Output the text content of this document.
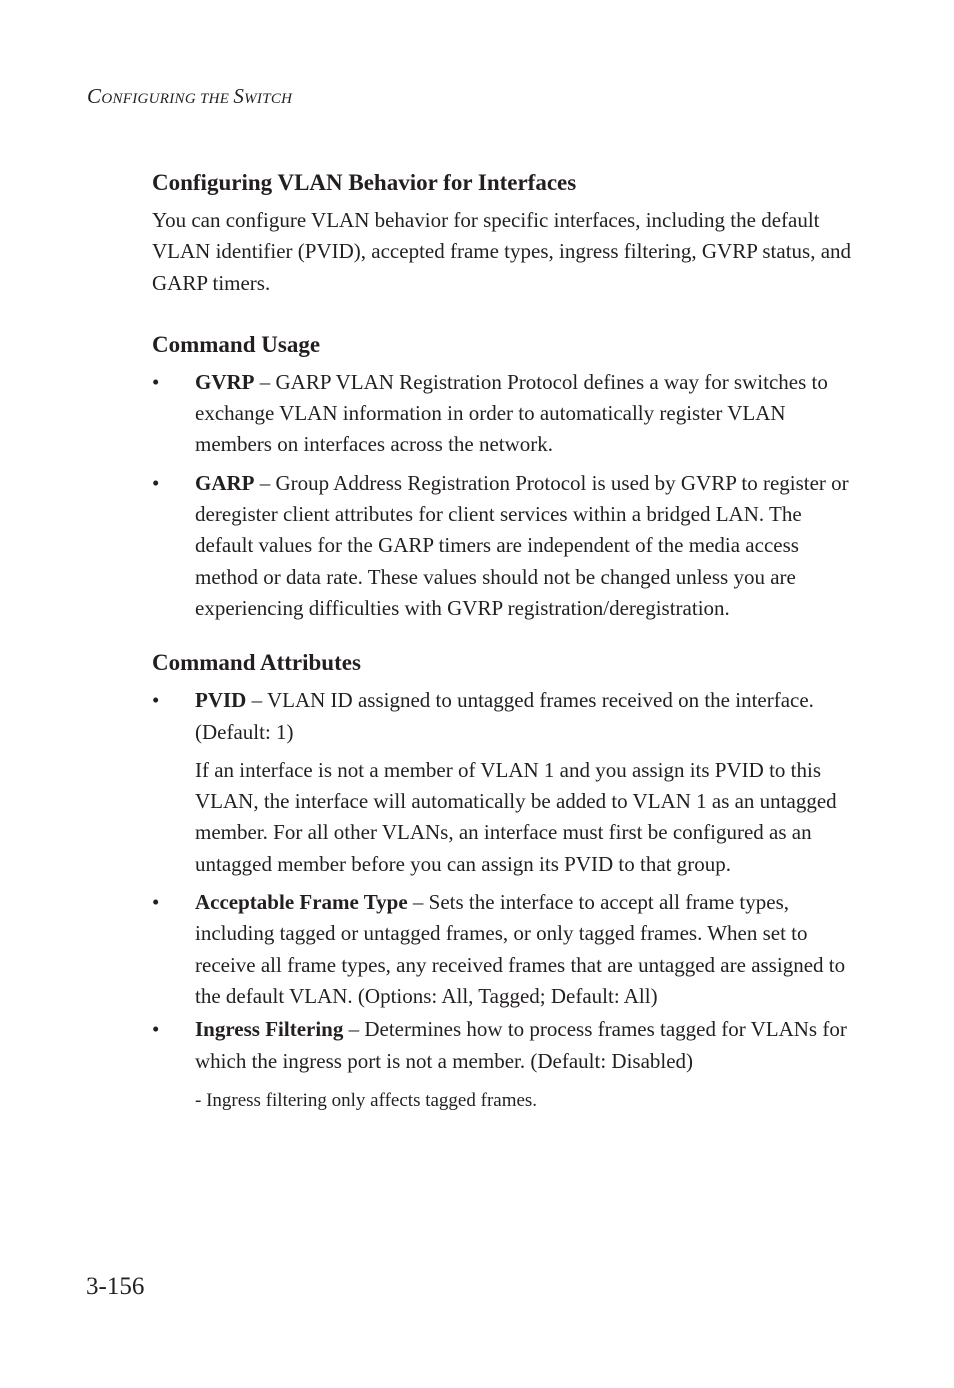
CONFIGURING THE SWITCH
Configuring VLAN Behavior for Interfaces

You can configure VLAN behavior for specific interfaces, including the default VLAN identifier (PVID), accepted frame types, ingress filtering, GVRP status, and GARP timers.

Command Usage
• GVRP – GARP VLAN Registration Protocol defines a way for switches to exchange VLAN information in order to automatically register VLAN members on interfaces across the network.
• GARP – Group Address Registration Protocol is used by GVRP to register or deregister client attributes for client services within a bridged LAN. The default values for the GARP timers are independent of the media access method or data rate. These values should not be changed unless you are experiencing difficulties with GVRP registration/deregistration.
Command Attributes
• PVID – VLAN ID assigned to untagged frames received on the interface. (Default: 1)

If an interface is not a member of VLAN 1 and you assign its PVID to this VLAN, the interface will automatically be added to VLAN 1 as an untagged member. For all other VLANs, an interface must first be configured as an untagged member before you can assign its PVID to that group.

• Acceptable Frame Type – Sets the interface to accept all frame types, including tagged or untagged frames, or only tagged frames. When set to receive all frame types, any received frames that are untagged are assigned to the default VLAN. (Options: All, Tagged; Default: All)
• Ingress Filtering – Determines how to process frames tagged for VLANs for which the ingress port is not a member. (Default: Disabled)

- Ingress filtering only affects tagged frames.

3-156
